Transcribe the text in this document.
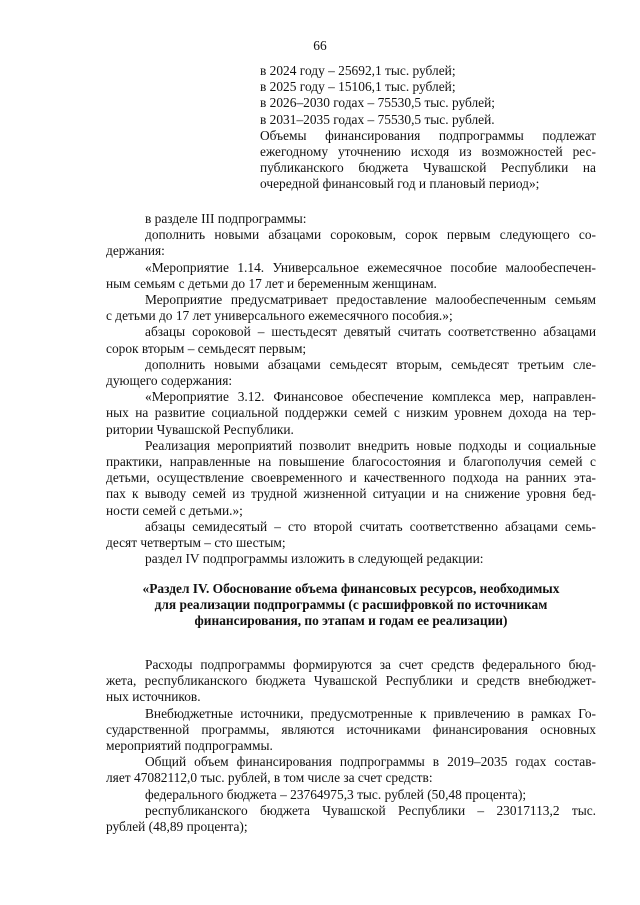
66
в 2024 году – 25692,1 тыс. рублей;
в 2025 году – 15106,1 тыс. рублей;
в 2026–2030 годах – 75530,5 тыс. рублей;
в 2031–2035 годах – 75530,5 тыс. рублей.
Объемы финансирования подпрограммы подлежат
ежегодному уточнению исходя из возможностей рес-
публиканского бюджета Чувашской Республики на
очередной финансовый год и плановый период»;
в разделе III подпрограммы:
дополнить новыми абзацами сороковым, сорок первым следующего со-
держания:
«Мероприятие 1.14. Универсальное ежемесячное пособие малообеспечен-
ным семьям с детьми до 17 лет и беременным женщинам.
Мероприятие предусматривает предоставление малообеспеченным семьям
с детьми до 17 лет универсального ежемесячного пособия.»;
абзацы сороковой – шестьдесят девятый считать соответственно абзацами
сорок вторым – семьдесят первым;
дополнить новыми абзацами семьдесят вторым, семьдесят третьим сле-
дующего содержания:
«Мероприятие 3.12. Финансовое обеспечение комплекса мер, направлен-
ных на развитие социальной поддержки семей с низким уровнем дохода на тер-
ритории Чувашской Республики.
Реализация мероприятий позволит внедрить новые подходы и социальные
практики, направленные на повышение благосостояния и благополучия семей с
детьми, осуществление своевременного и качественного подхода на ранних эта-
пах к выводу семей из трудной жизненной ситуации и на снижение уровня бед-
ности семей с детьми.»;
абзацы семидесятый – сто второй считать соответственно абзацами семь-
десят четвертым – сто шестым;
раздел IV подпрограммы изложить в следующей редакции:
«Раздел IV. Обоснование объема финансовых ресурсов, необходимых
для реализации подпрограммы (с расшифровкой по источникам
финансирования, по этапам и годам ее реализации)
Расходы подпрограммы формируются за счет средств федерального бюд-
жета, республиканского бюджета Чувашской Республики и средств внебюджет-
ных источников.
Внебюджетные источники, предусмотренные к привлечению в рамках Го-
сударственной программы, являются источниками финансирования основных
мероприятий подпрограммы.
Общий объем финансирования подпрограммы в 2019–2035 годах состав-
ляет 47082112,0 тыс. рублей, в том числе за счет средств:
федерального бюджета – 23764975,3 тыс. рублей (50,48 процента);
республиканского бюджета Чувашской Республики – 23017113,2 тыс.
рублей (48,89 процента);
